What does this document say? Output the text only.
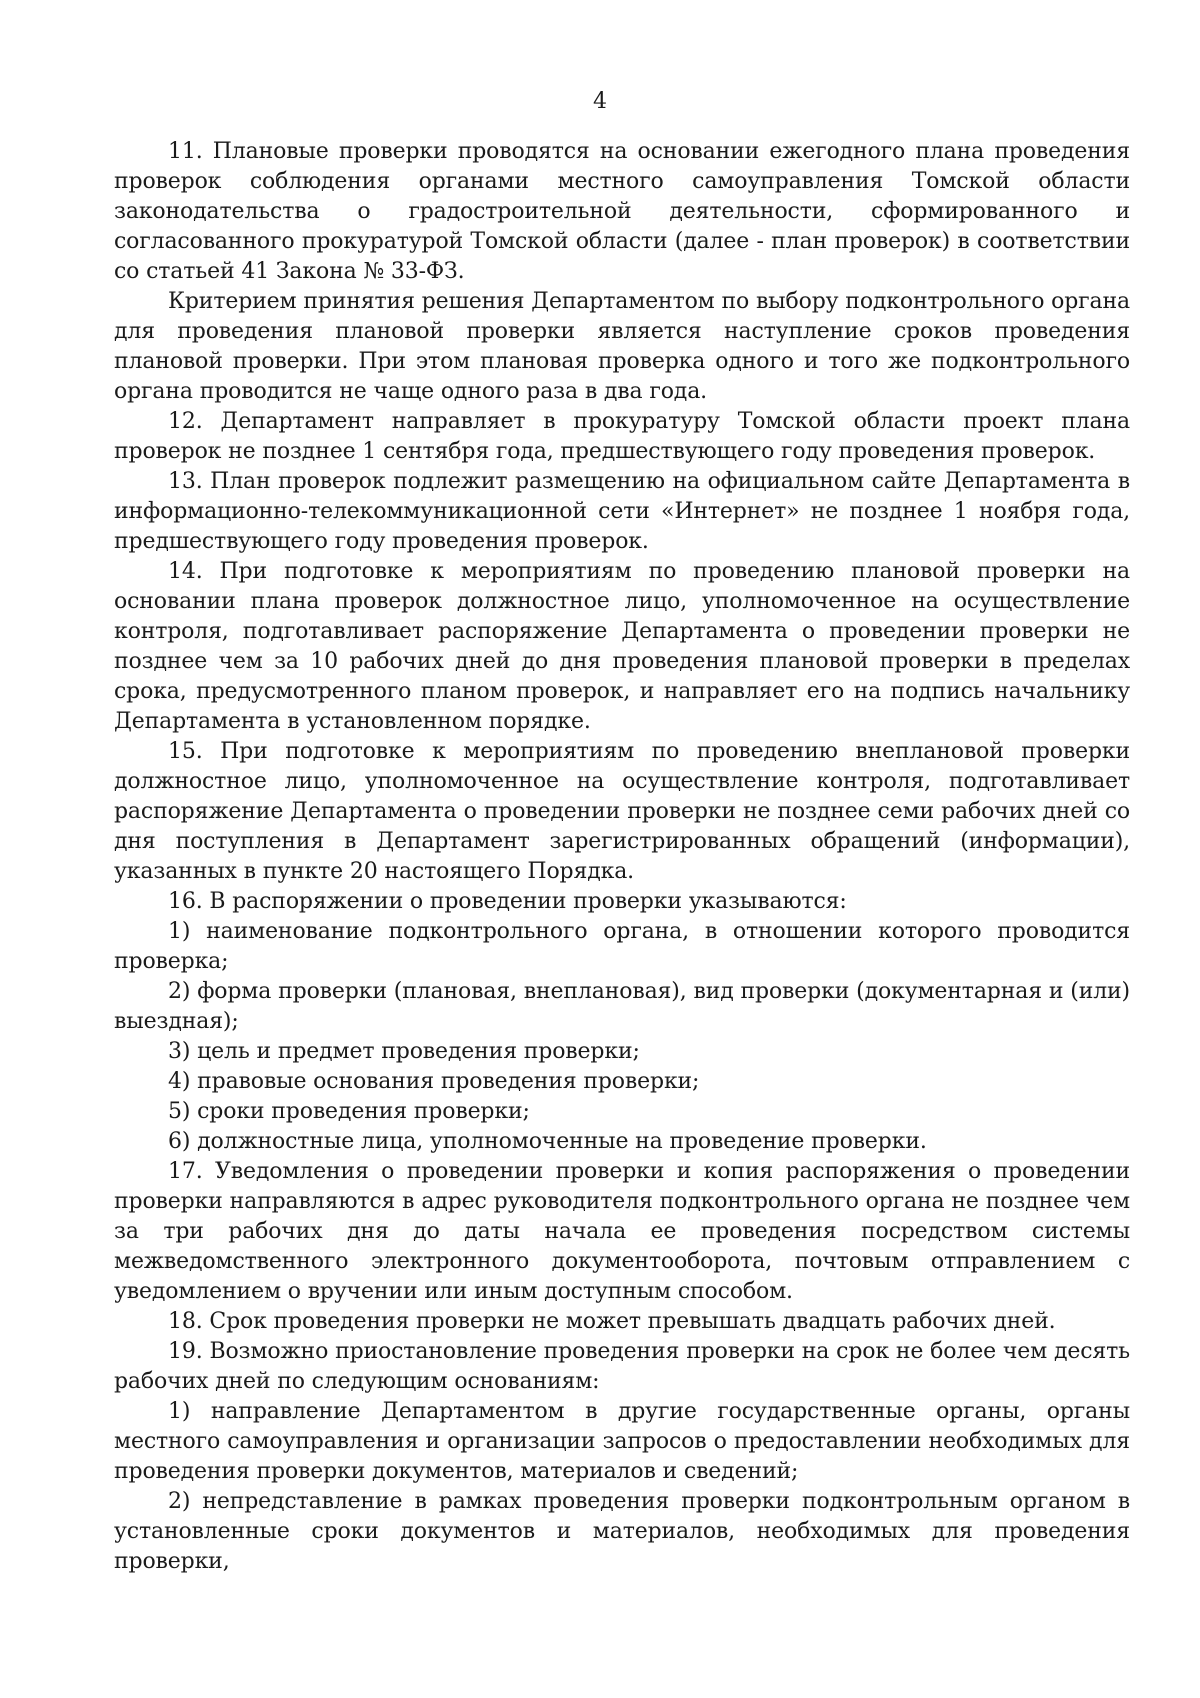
4

11. Плановые проверки проводятся на основании ежегодного плана проведения проверок соблюдения органами местного самоуправления Томской области законодательства о градостроительной деятельности, сформированного и согласованного прокуратурой Томской области (далее - план проверок) в соответствии со статьей 41 Закона № 33-ФЗ.

Критерием принятия решения Департаментом по выбору подконтрольного органа для проведения плановой проверки является наступление сроков проведения плановой проверки. При этом плановая проверка одного и того же подконтрольного органа проводится не чаще одного раза в два года.

12. Департамент направляет в прокуратуру Томской области проект плана проверок не позднее 1 сентября года, предшествующего году проведения проверок.

13. План проверок подлежит размещению на официальном сайте Департамента в информационно-телекоммуникационной сети «Интернет» не позднее 1 ноября года, предшествующего году проведения проверок.

14. При подготовке к мероприятиям по проведению плановой проверки на основании плана проверок должностное лицо, уполномоченное на осуществление контроля, подготавливает распоряжение Департамента о проведении проверки не позднее чем за 10 рабочих дней до дня проведения плановой проверки в пределах срока, предусмотренного планом проверок, и направляет его на подпись начальнику Департамента в установленном порядке.

15. При подготовке к мероприятиям по проведению внеплановой проверки должностное лицо, уполномоченное на осуществление контроля, подготавливает распоряжение Департамента о проведении проверки не позднее семи рабочих дней со дня поступления в Департамент зарегистрированных обращений (информации), указанных в пункте 20 настоящего Порядка.

16. В распоряжении о проведении проверки указываются:

1) наименование подконтрольного органа, в отношении которого проводится проверка;

2) форма проверки (плановая, внеплановая), вид проверки (документарная и (или) выездная);

3) цель и предмет проведения проверки;

4) правовые основания проведения проверки;

5) сроки проведения проверки;

6) должностные лица, уполномоченные на проведение проверки.

17. Уведомления о проведении проверки и копия распоряжения о проведении проверки направляются в адрес руководителя подконтрольного органа не позднее чем за три рабочих дня до даты начала ее проведения посредством системы межведомственного электронного документооборота, почтовым отправлением с уведомлением о вручении или иным доступным способом.

18. Срок проведения проверки не может превышать двадцать рабочих дней.

19. Возможно приостановление проведения проверки на срок не более чем десять рабочих дней по следующим основаниям:

1) направление Департаментом в другие государственные органы, органы местного самоуправления и организации запросов о предоставлении необходимых для проведения проверки документов, материалов и сведений;

2) непредставление в рамках проведения проверки подконтрольным органом в установленные сроки документов и материалов, необходимых для проведения проверки,
